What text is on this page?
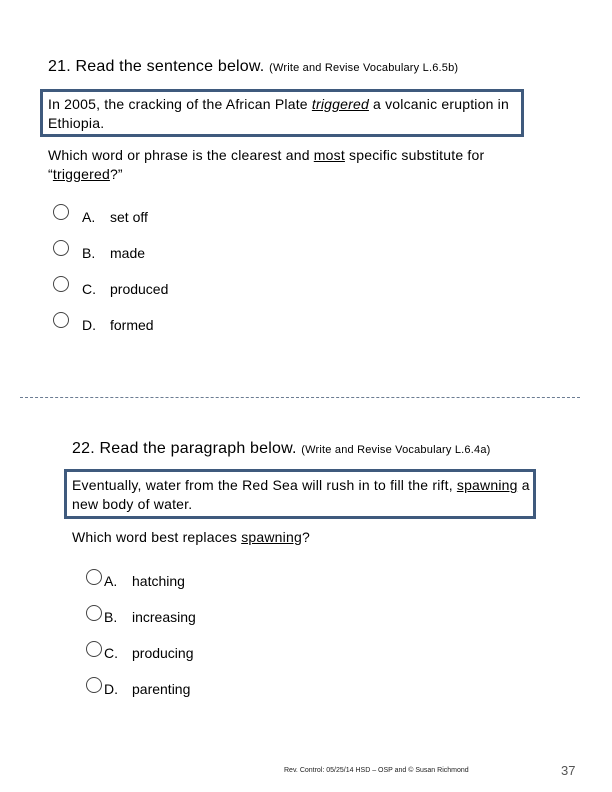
21. Read the sentence below. (Write and Revise Vocabulary L.6.5b)
In 2005, the cracking of the African Plate triggered a volcanic eruption in Ethiopia.
Which word or phrase is the clearest and most specific substitute for “triggered?”
A. set off
B. made
C. produced
D. formed
22. Read the paragraph below. (Write and Revise Vocabulary L.6.4a)
Eventually, water from the Red Sea will rush in to fill the rift, spawning a new body of water.
Which word best replaces spawning?
A. hatching
B. increasing
C. producing
D. parenting
Rev. Control: 05/25/14 HSD – OSP and © Susan Richmond	37
